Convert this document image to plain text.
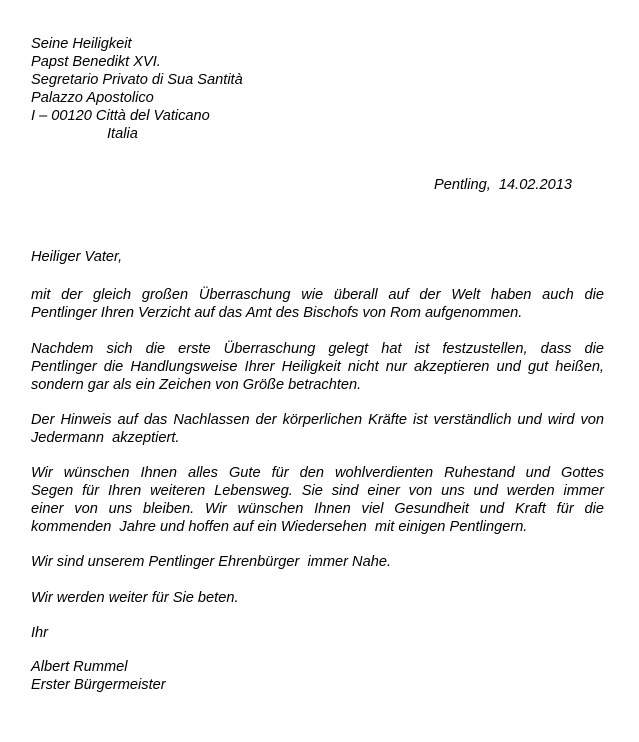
Seine Heiligkeit
Papst Benedikt XVI.
Segretario Privato di Sua Santità
Palazzo Apostolico
I – 00120 Città del Vaticano
Italia
Pentling,  14.02.2013
Heiliger Vater,

mit der gleich großen Überraschung wie überall auf der Welt haben auch die

Pentlinger Ihren Verzicht auf das Amt des Bischofs von Rom aufgenommen.

Nachdem sich die erste Überraschung gelegt hat ist festzustellen, dass die

Pentlinger die Handlungsweise Ihrer Heiligkeit nicht nur akzeptieren und gut heißen,

sondern gar als ein Zeichen von Größe betrachten.

Der Hinweis auf das Nachlassen der körperlichen Kräfte ist verständlich und wird von

Jedermann  akzeptiert.

Wir wünschen Ihnen alles Gute für den wohlverdienten Ruhestand und Gottes

Segen für Ihren weiteren Lebensweg. Sie sind einer von uns und werden immer

einer von uns bleiben. Wir wünschen Ihnen viel Gesundheit und Kraft für die

kommenden  Jahre und hoffen auf ein Wiedersehen  mit einigen Pentlingern.

Wir sind unserem Pentlinger Ehrenbürger  immer Nahe.
Wir werden weiter für Sie beten.
Ihr

Albert Rummel

Erster Bürgermeister
